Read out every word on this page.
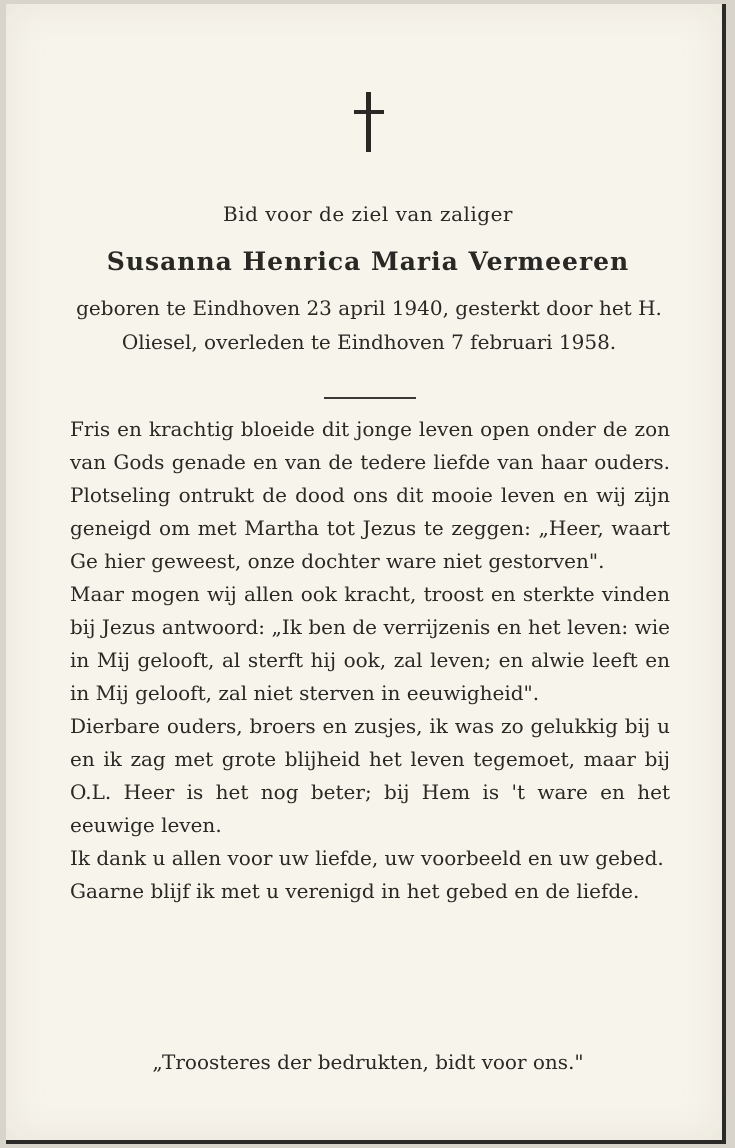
Bid voor de ziel van zaliger
Susanna Henrica Maria Vermeeren
geboren te Eindhoven 23 april 1940, gesterkt door het H. Oliesel, overleden te Eindhoven 7 februari 1958.

Fris en krachtig bloeide dit jonge leven open onder de zon van Gods genade en van de tedere liefde van haar ouders. Plotseling ontrukt de dood ons dit mooie leven en wij zijn geneigd om met Martha tot Jezus te zeggen: „Heer, waart Ge hier geweest, onze dochter ware niet gestorven".

Maar mogen wij allen ook kracht, troost en sterkte vinden bij Jezus antwoord: „Ik ben de verrijzenis en het leven: wie in Mij gelooft, al sterft hij ook, zal leven; en alwie leeft en in Mij gelooft, zal niet sterven in eeuwigheid".

Dierbare ouders, broers en zusjes, ik was zo gelukkig bij u en ik zag met grote blijheid het leven tegemoet, maar bij O.L. Heer is het nog beter; bij Hem is 't ware en het eeuwige leven.

Ik dank u allen voor uw liefde, uw voorbeeld en uw gebed.

Gaarne blijf ik met u verenigd in het gebed en de liefde.

„Troosteres der bedrukten, bidt voor ons."
